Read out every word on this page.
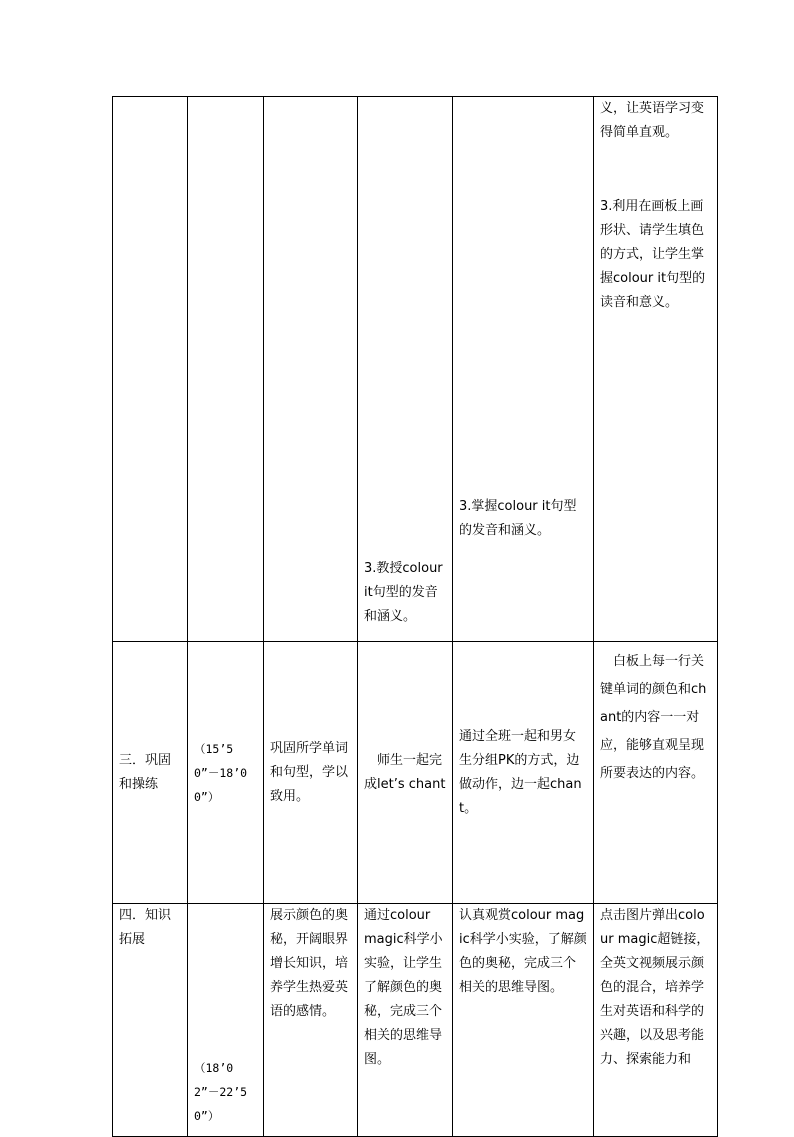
			3.教授colour it句型的发音和涵义。	3.掌握colour it句型的发音和涵义。	义，让英语学习变得简单直观。
3.利用在画板上画形状、请学生填色的方式，让学生掌握colour it句型的读音和意义。

三．巩固和操练	（15’50”－18’00”）	巩固所学单词和句型，学以致用。	师生一起完成let’s chant	通过全班一起和男女生分组PK的方式，边做动作，边一起chant。	白板上每一行关键单词的颜色和chant的内容一一对应，能够直观呈现所要表达的内容。

四．知识拓展	（18’02”－22’50”）	展示颜色的奥秘，开阔眼界增长知识，培养学生热爱英语的感情。	通过colour magic科学小实验，让学生了解颜色的奥秘，完成三个相关的思维导图。	认真观赏colour magic科学小实验，了解颜色的奥秘，完成三个相关的思维导图。	点击图片弹出colour magic超链接，全英文视频展示颜色的混合，培养学生对英语和科学的兴趣，以及思考能力、探索能力和
